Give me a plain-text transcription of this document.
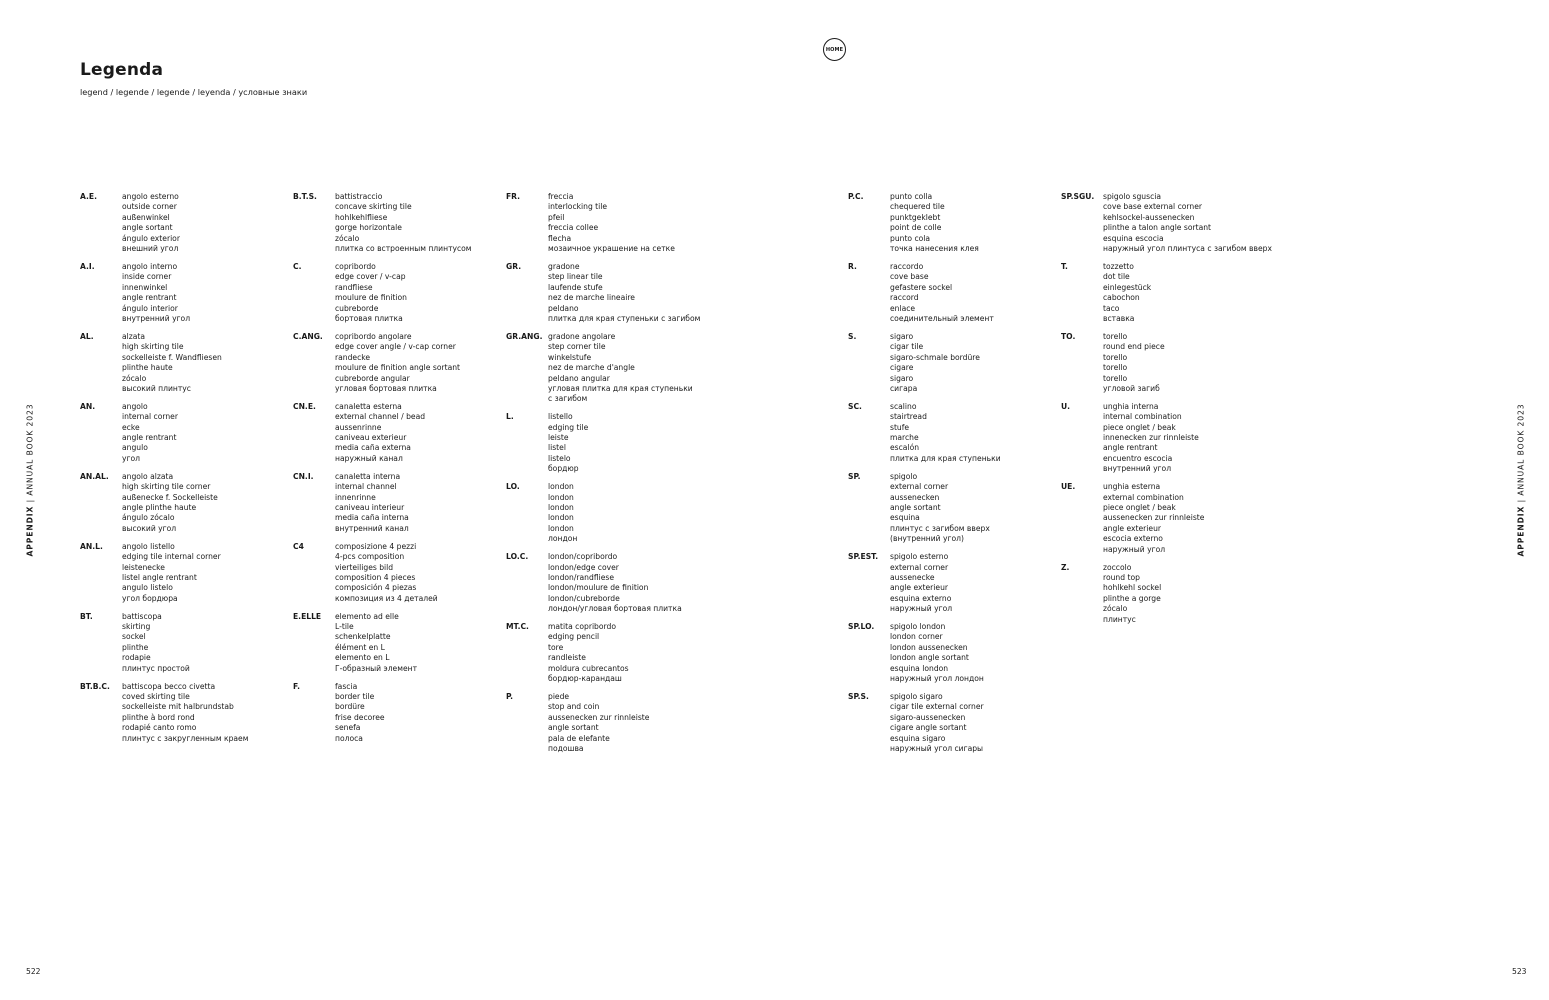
Legenda
legend / legende / legende / leyenda / условные знаки
HOME
A.E.	angolo esterno
outside corner
außenwinkel
angle sortant
ángulo exterior
внешний угол
A.I.	angolo interno
inside corner
innenwinkel
angle rentrant
ángulo interior
внутренний угол
AL.	alzata
high skirting tile
sockelleiste f. Wandfliesen
plinthe haute
zócalo
высокий плинтус
AN.	angolo
internal corner
ecke
angle rentrant
angulo
угол
AN.AL.	angolo alzata
high skirting tile corner
außenecke f. Sockelleiste
angle plinthe haute
ángulo zócalo
высокий угол
AN.L.	angolo listello
edging tile internal corner
leistenecke
listel angle rentrant
angulo listelo
угол бордюра
BT.	battiscopa
skirting
sockel
plinthe
rodapie
плинтус простой
BT.B.C.	battiscopa becco civetta
coved skirting tile
sockelleiste mit halbrundstab
plinthe à bord rond
rodapié canto romo
плинтус с закругленным краем
B.T.S.	battistraccio
concave skirting tile
hohlkehlfliese
gorge horizontale
zócalo
плитка со встроенным плинтусом
C.	copribordo
edge cover / v-cap
randfliese
moulure de finition
cubreborde
бортовая плитка
C.ANG.	copribordo angolare
edge cover angle / v-cap corner
randecke
moulure de finition angle sortant
cubreborde angular
угловая бортовая плитка
CN.E.	canaletta esterna
external channel / bead
aussenrinne
caniveau exterieur
media caña externa
наружный канал
CN.I.	canaletta interna
internal channel
innenrinne
caniveau interieur
media caña interna
внутренний канал
C4	composizione 4 pezzi
4-pcs composition
vierteiliges bild
composition 4 pieces
composición 4 piezas
композиция из 4 деталей
E.ELLE	elemento ad elle
L-tile
schenkelplatte
élément en L
elemento en L
Г-образный элемент
F.	fascia
border tile
bordüre
frise decoree
senefa
полоса
FR.	freccia
interlocking tile
pfeil
freccia collee
flecha
мозаичное украшение на сетке
GR.	gradone
step linear tile
laufende stufe
nez de marche lineaire
peldano
плитка для края ступеньки с загибом
GR.ANG. gradone angolare
step corner tile
winkelstufe
nez de marche d'angle
peldano angular
угловая плитка для края ступеньки
с загибом
L.	listello
edging tile
leiste
listel
listelo
бордюр
LO.	london
london
london
london
london
лондон
LO.C.	london/copribordo
london/edge cover
london/randfliese
london/moulure de finition
london/cubreborde
лондон/угловая бортовая плитка
MT.C.	matita copribordo
edging pencil
tore
randleiste
moldura cubrecantos
бордюр-карандаш
P.	piede
stop and coin
aussenecken zur rinnleiste
angle sortant
pala de elefante
подошва
P.C.	punto colla
chequered tile
punktgeklebt
point de colle
punto cola
точка нанесения клея
R.	raccordo
cove base
gefastere sockel
raccord
enlace
соединительный элемент
S.	sigaro
cigar tile
sigaro-schmale bordüre
cigare
sigaro
сигара
SC.	scalino
stairtread
stufe
marche
escalón
плитка для края ступеньки
SP.	spigolo
external corner
aussenecken
angle sortant
esquina
плинтус с загибом вверх
(внутренний угол)
SP.EST.	spigolo esterno
external corner
aussenecke
angle exterieur
esquina externo
наружный угол
SP.LO.	spigolo london
london corner
london aussenecken
london angle sortant
esquina london
наружный угол лондон
SP.S.	spigolo sigaro
cigar tile external corner
sigaro-aussenecken
cigare angle sortant
esquina sigaro
наружный угол сигары
SP.SGU.	spigolo sguscia
cove base external corner
kehlsockel-aussenecken
plinthe a talon angle sortant
esquina escocia
наружный угол плинтуса с загибом вверх
T.	tozzetto
dot tile
einlegestück
cabochon
taco
вставка
TO.	torello
round end piece
torello
torello
torello
угловой загиб
U.	unghia interna
internal combination
piece onglet / beak
innenecken zur rinnleiste
angle rentrant
encuentro escocia
внутренний угол
UE.	unghia esterna
external combination
piece onglet / beak
aussenecken zur rinnleiste
angle exterieur
escocia externo
наружный угол
Z.	zoccolo
round top
hohlkehl sockel
plinthe a gorge
zócalo
плинтус
APPENDIX | ANNUAL BOOK 2023
APPENDIX | ANNUAL BOOK 2023
522	523
